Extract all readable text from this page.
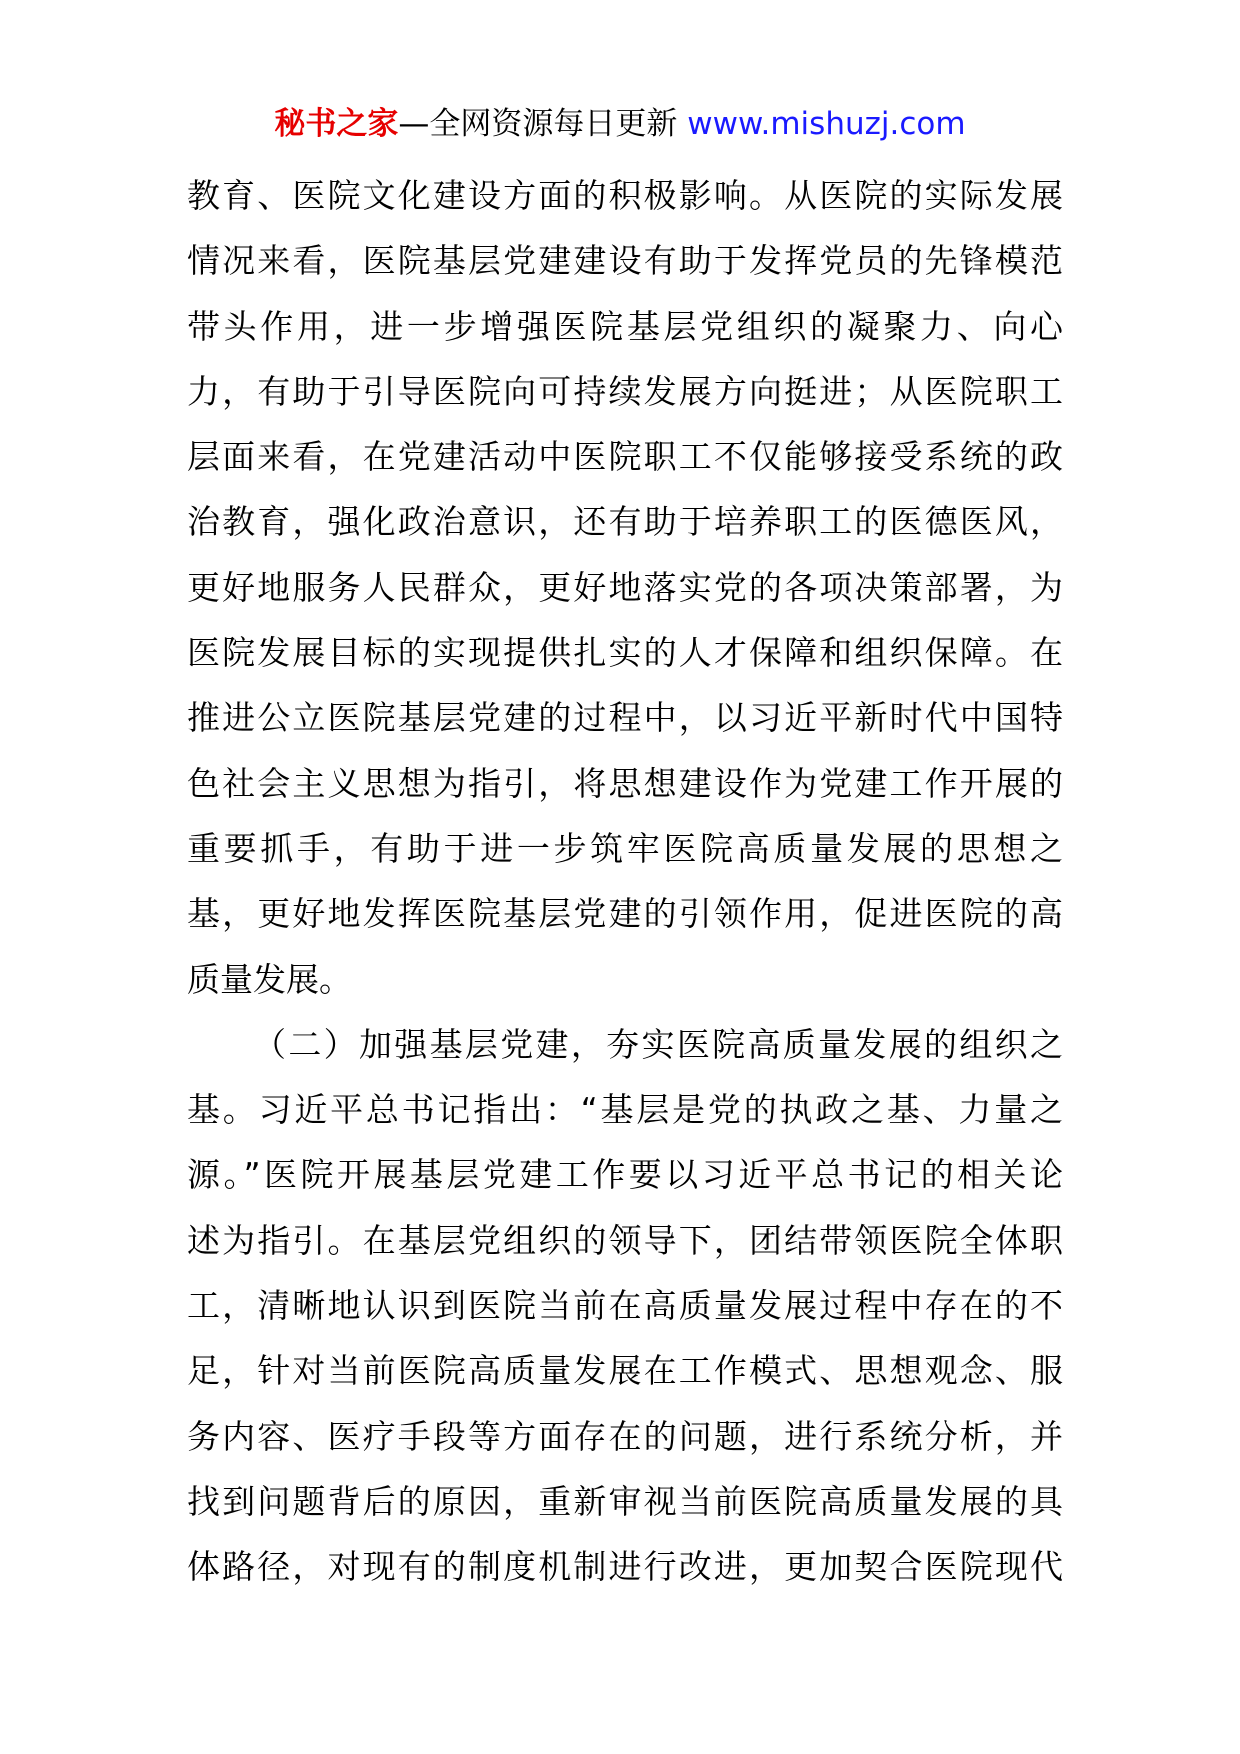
秘书之家—全网资源每日更新 www.mishuzj.com
教育、医院文化建设方面的积极影响。从医院的实际发展
情况来看，医院基层党建建设有助于发挥党员的先锋模范
带头作用，进一步增强医院基层党组织的凝聚力、向心
力，有助于引导医院向可持续发展方向挺进；从医院职工
层面来看，在党建活动中医院职工不仅能够接受系统的政
治教育，强化政治意识，还有助于培养职工的医德医风，
更好地服务人民群众，更好地落实党的各项决策部署，为
医院发展目标的实现提供扎实的人才保障和组织保障。在
推进公立医院基层党建的过程中，以习近平新时代中国特
色社会主义思想为指引，将思想建设作为党建工作开展的
重要抓手，有助于进一步筑牢医院高质量发展的思想之
基，更好地发挥医院基层党建的引领作用，促进医院的高
质量发展。
（二）加强基层党建，夯实医院高质量发展的组织之
基。习近平总书记指出：“基层是党的执政之基、力量之
源。”医院开展基层党建工作要以习近平总书记的相关论
述为指引。在基层党组织的领导下，团结带领医院全体职
工，清晰地认识到医院当前在高质量发展过程中存在的不
足，针对当前医院高质量发展在工作模式、思想观念、服
务内容、医疗手段等方面存在的问题，进行系统分析，并
找到问题背后的原因，重新审视当前医院高质量发展的具
体路径，对现有的制度机制进行改进，更加契合医院现代
